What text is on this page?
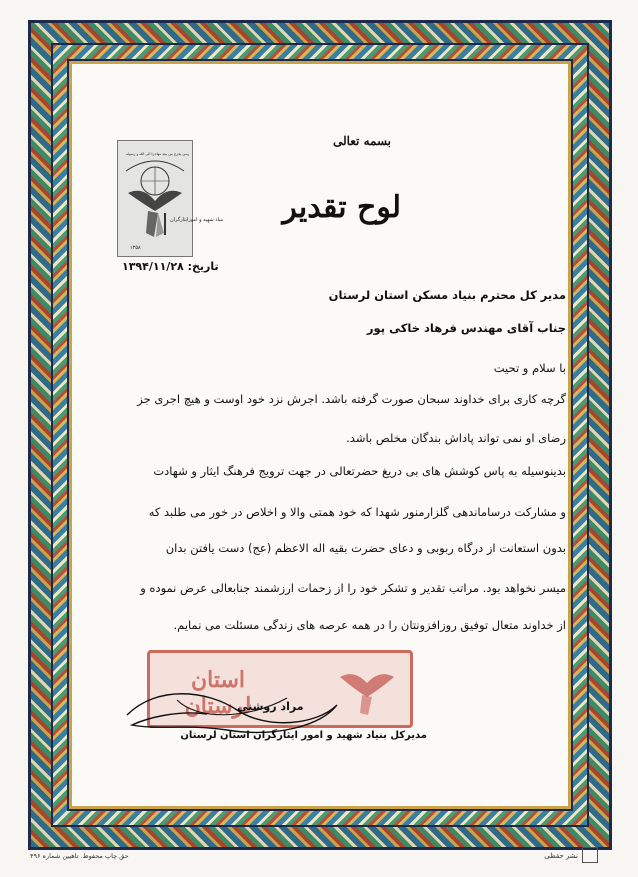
بسمه تعالی
بنیاد شهید و امورایثارگران
۱۳۵۸
ومن یخرج من بیته مهاجرا الی الله و رسوله
لوح تقدیر
تاریخ: ۱۳۹۴/۱۱/۲۸
مدیر کل محترم بنیاد مسکن استان لرستان
جناب آقای مهندس فرهاد خاکی پور
با سلام و تحیت
گرچه کاری برای خداوند سبحان صورت گرفته باشد. اجرش نزد خود اوست و هیچ اجری جز
رضای او نمی تواند پاداش بندگان مخلص باشد.
بدینوسیله به پاس کوشش های بی دریغ حضرتعالی در جهت ترویج فرهنگ ایثار و شهادت
و مشارکت درساماندهی گلزارمنور شهدا که خود همتی والا و اخلاص در خور می طلبد که
بدون استعانت از درگاه ربوبی و دعای حضرت بقیه اله الاعظم (عج) دست یافتن بدان
میسر نخواهد بود. مراتب تقدیر و تشکر خود را از زحمات ارزشمند جنابعالی عرض نموده و
از خداوند متعال توفیق روزافزونتان را در همه عرصه های زندگی مسئلت می نمایم.
استان لرستان
مراد روشنی
مدیرکل بنیاد شهید و امور ایثارگران استان لرستان
حق چاپ محفوظ. تاهیین شماره ۴۹۶	نشر حقظی
